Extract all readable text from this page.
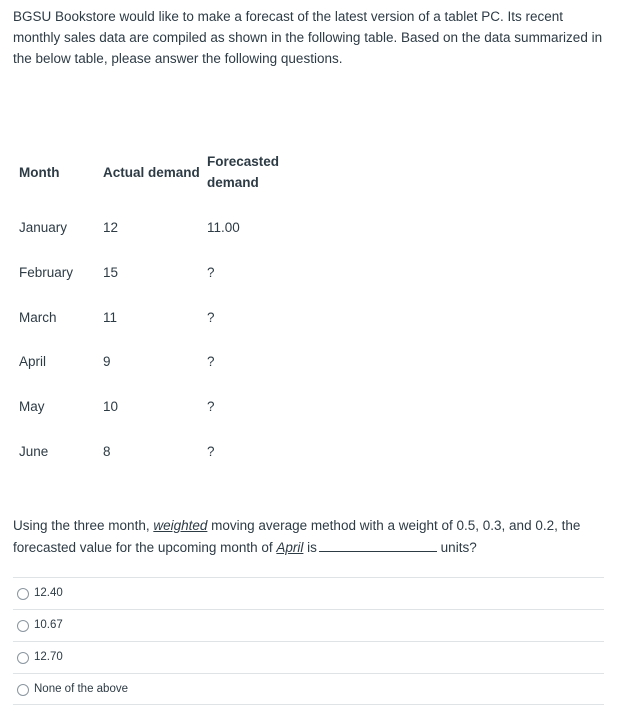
BGSU Bookstore would like to make a forecast of the latest version of a tablet PC. Its recent monthly sales data are compiled as shown in the following table. Based on the data summarized in the below table, please answer the following questions.
Month	Actual demand
Forecasted
demand
January	12	11.00
February 15	?
March	11	?
April	9	?
May	10	?
June	8	?
Using the three month, weighted moving average method with a weight of 0.5, 0.3, and 0.2, the forecasted value for the upcoming month of April is	units?
12.40
10.67
12.70
None of the above
